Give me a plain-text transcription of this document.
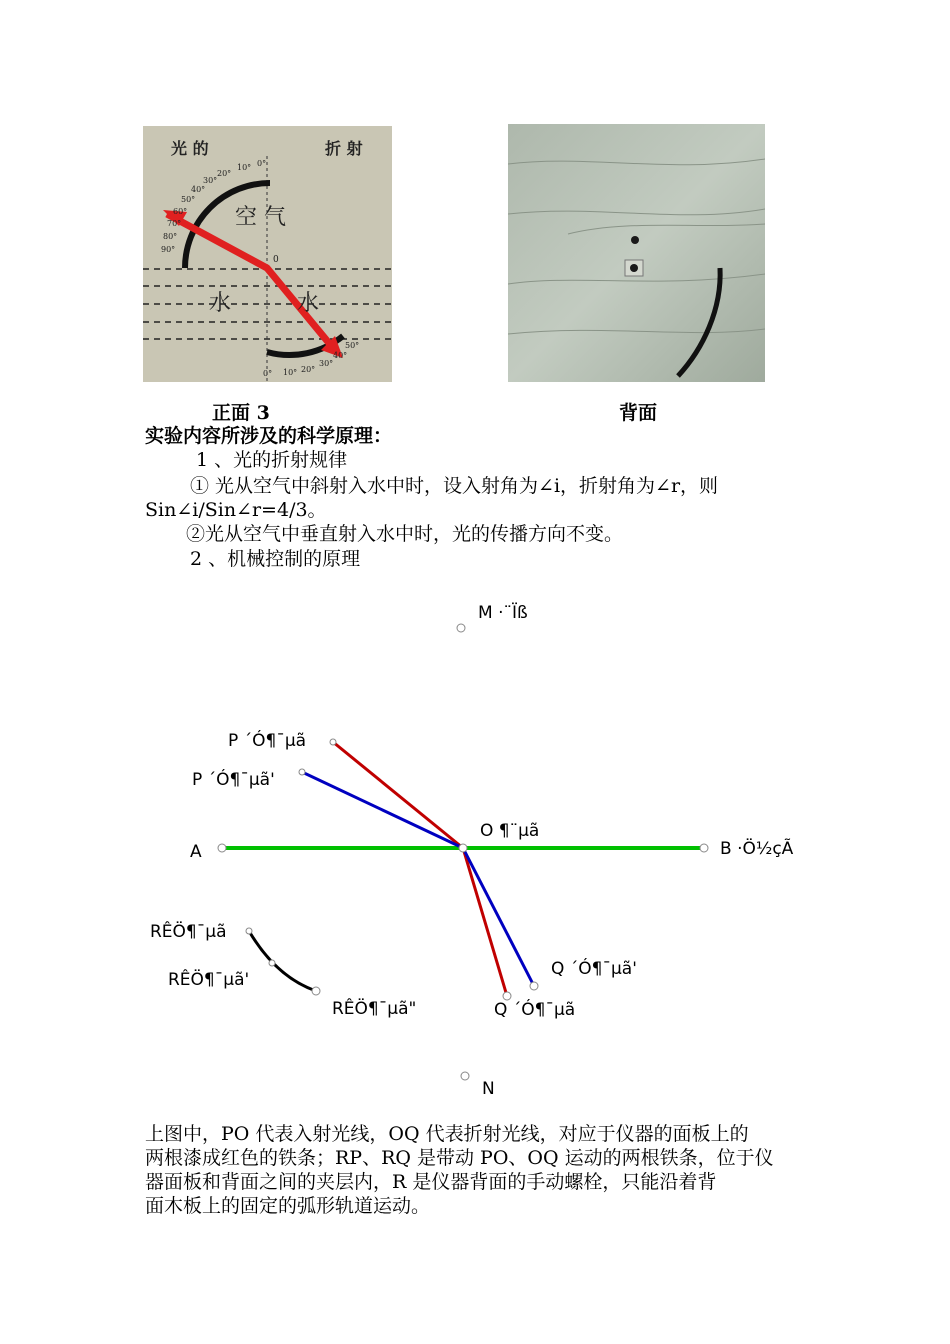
光 的	折 射
空 气
水	水
0
90°
80°
70°
60°
50°
40°
30°
20°
10° 0°
0° 10° 20°
30°
40°
50°
正面 3	背面
实验内容所涉及的科学原理：
1 、光的折射规律
① 光从空气中斜射入水中时，设入射角为∠i，折射角为∠r，则
Sin∠i/Sin∠r=4/3。
②光从空气中垂直射入水中时，光的传播方向不变。
2 、机械控制的原理
M ·¨Ïß
P ´Ó¶¯µã
P ´Ó¶¯µã'
O ¶¨µã
A	B ·Ö½çÃ
RÊÖ¶¯µã
RÊÖ¶¯µã'
RÊÖ¶¯µã"
Q ´Ó¶¯µã'
Q ´Ó¶¯µã
N
上图中，PO 代表入射光线，OQ 代表折射光线，对应于仪器的面板上的
两根漆成红色的铁条；RP、RQ 是带动 PO、OQ 运动的两根铁条，位于仪
器面板和背面之间的夹层内，R 是仪器背面的手动螺栓，只能沿着背
面木板上的固定的弧形轨道运动。
